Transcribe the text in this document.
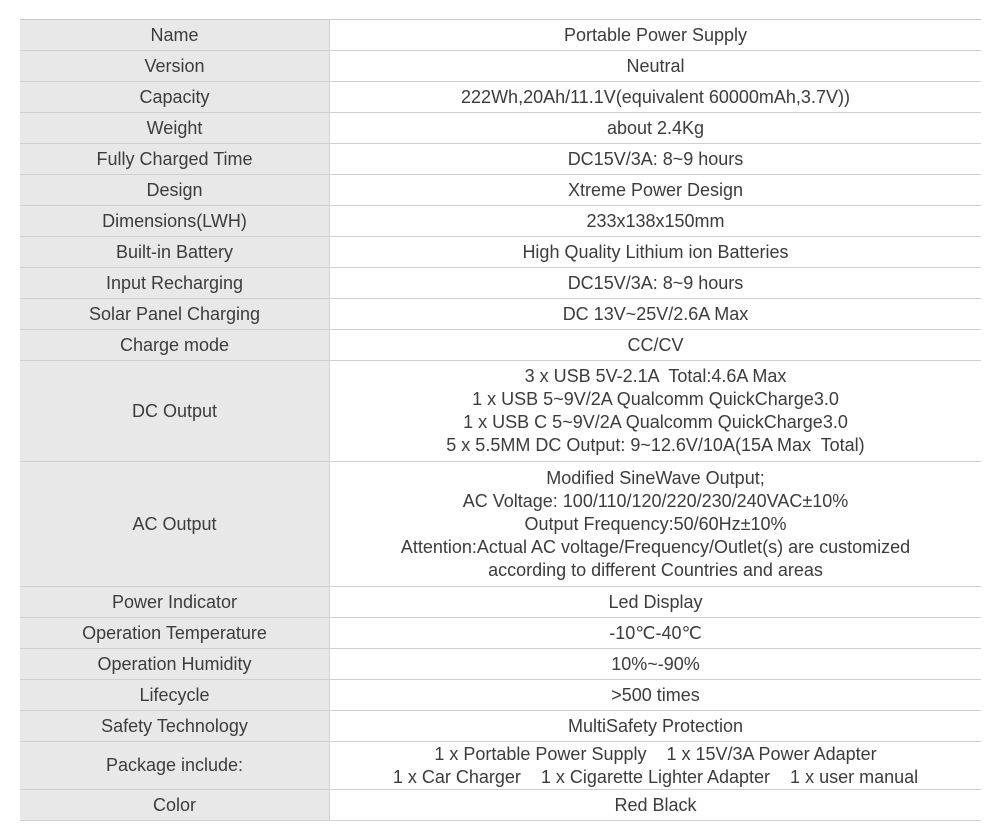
Name	Portable Power Supply

Version	Neutral

Capacity	222Wh,20Ah/11.1V(equivalent 60000mAh,3.7V))

Weight	about 2.4Kg

Fully Charged Time	DC15V/3A: 8~9 hours

Design	Xtreme Power Design

Dimensions(LWH)	233x138x150mm

Built-in Battery	High Quality Lithium ion Batteries

Input Recharging	DC15V/3A: 8~9 hours

Solar Panel Charging	DC 13V~25V/2.6A Max

Charge mode	CC/CV

DC Output	3 x USB 5V-2.1A  Total:4.6A Max
1 x USB 5~9V/2A Qualcomm QuickCharge3.0
1 x USB C 5~9V/2A Qualcomm QuickCharge3.0
5 x 5.5MM DC Output: 9~12.6V/10A(15A Max  Total)

AC Output	Modified SineWave Output;
AC Voltage: 100/110/120/220/230/240VAC±10%
Output Frequency:50/60Hz±10%
Attention:Actual AC voltage/Frequency/Outlet(s) are customized
according to different Countries and areas

Power Indicator	Led Display

Operation Temperature	-10℃-40℃

Operation Humidity	10%~-90%

Lifecycle	>500 times

Safety Technology	MultiSafety Protection

Package include:	1 x Portable Power Supply    1 x 15V/3A Power Adapter
1 x Car Charger    1 x Cigarette Lighter Adapter    1 x user manual

Color	Red Black
